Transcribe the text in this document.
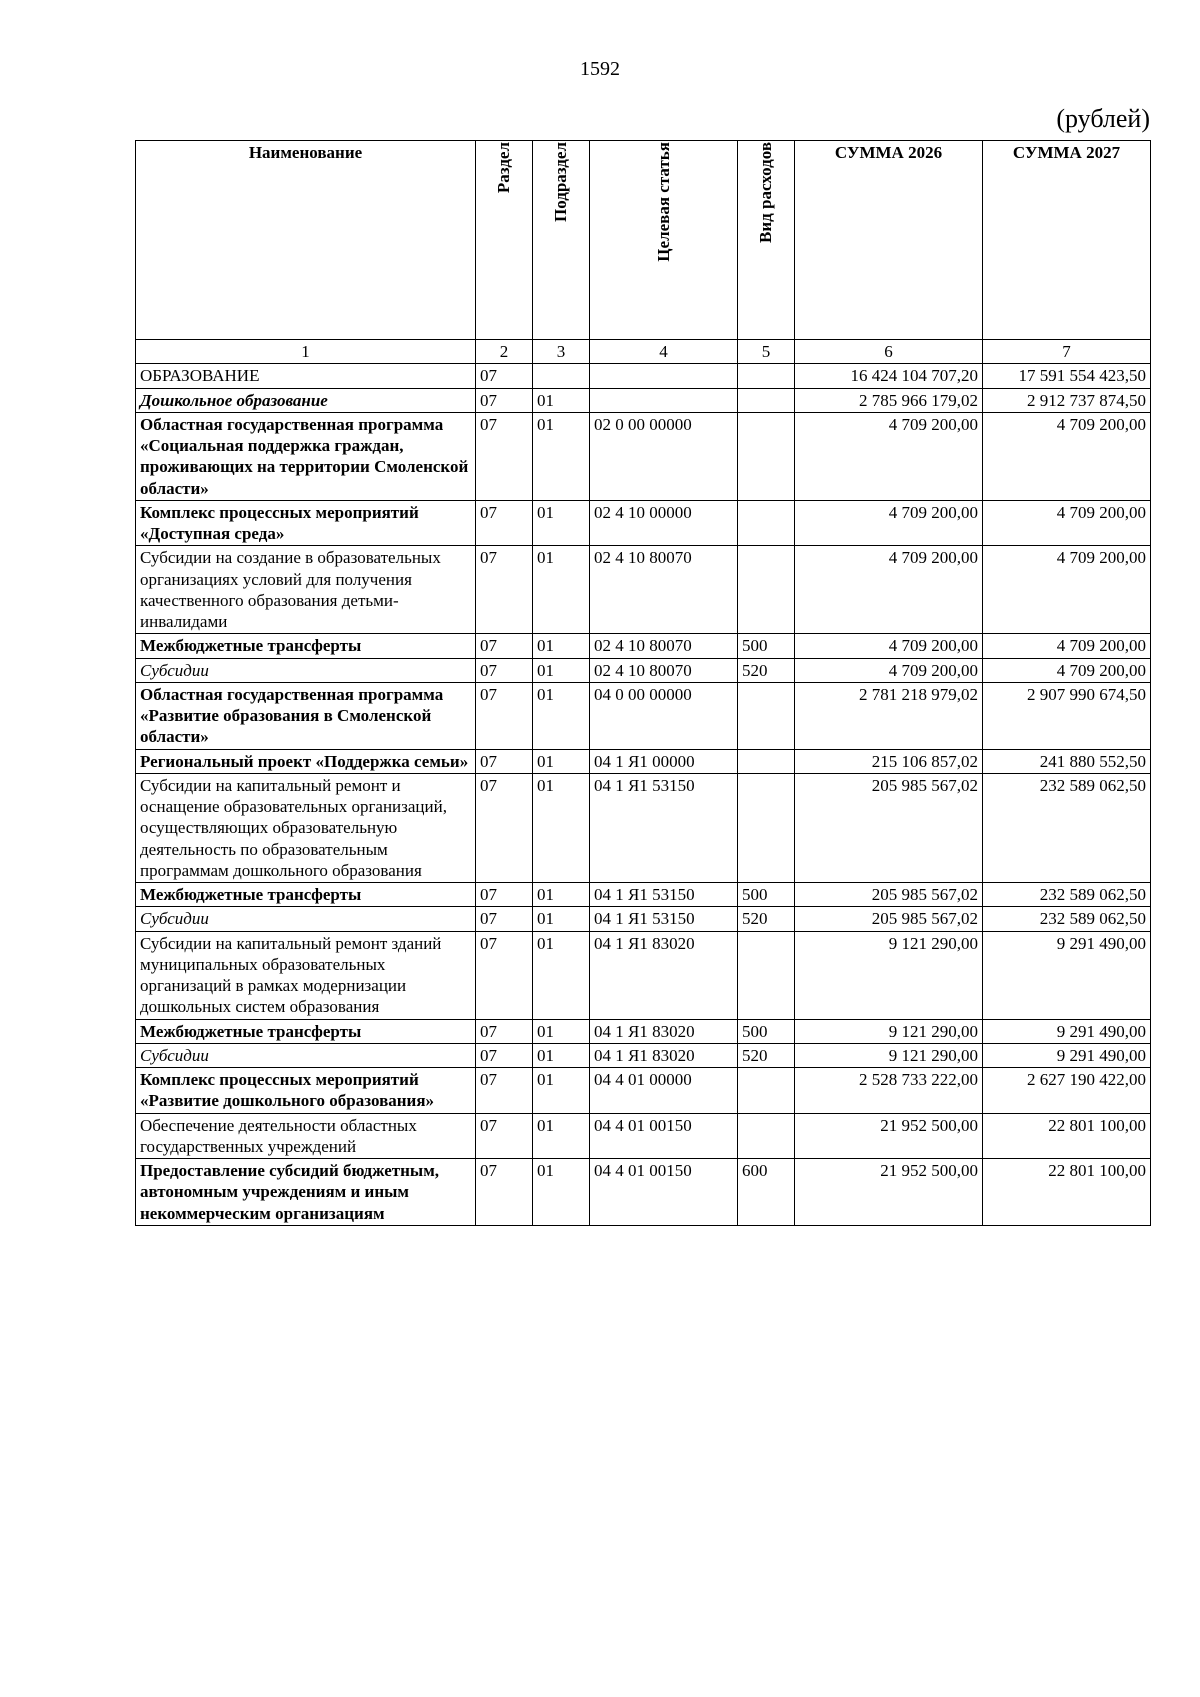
1592
(рублей)
Наименование	Раздел	Подраздел	Целевая статья	Вид расходов	СУММА 2026	СУММА 2027
1	2	3	4	5	6	7
ОБРАЗОВАНИЕ	07				16 424 104 707,20	17 591 554 423,50
Дошкольное образование	07	01			2 785 966 179,02	2 912 737 874,50
Областная государственная программа «Социальная поддержка граждан, проживающих на территории Смоленской области»	07	01	02 0 00 00000		4 709 200,00	4 709 200,00
Комплекс процессных мероприятий «Доступная среда»	07	01	02 4 10 00000		4 709 200,00	4 709 200,00
Субсидии на создание в образовательных организациях условий для получения качественного образования детьми-инвалидами	07	01	02 4 10 80070		4 709 200,00	4 709 200,00
Межбюджетные трансферты	07	01	02 4 10 80070	500	4 709 200,00	4 709 200,00
Субсидии	07	01	02 4 10 80070	520	4 709 200,00	4 709 200,00
Областная государственная программа «Развитие образования в Смоленской области»	07	01	04 0 00 00000		2 781 218 979,02	2 907 990 674,50
Региональный проект «Поддержка семьи»	07	01	04 1 Я1 00000		215 106 857,02	241 880 552,50
Субсидии на капитальный ремонт и оснащение образовательных организаций, осуществляющих образовательную деятельность по образовательным программам дошкольного образования	07	01	04 1 Я1 53150		205 985 567,02	232 589 062,50
Межбюджетные трансферты	07	01	04 1 Я1 53150	500	205 985 567,02	232 589 062,50
Субсидии	07	01	04 1 Я1 53150	520	205 985 567,02	232 589 062,50
Субсидии на капитальный ремонт зданий муниципальных образовательных организаций в рамках модернизации дошкольных систем образования	07	01	04 1 Я1 83020		9 121 290,00	9 291 490,00
Межбюджетные трансферты	07	01	04 1 Я1 83020	500	9 121 290,00	9 291 490,00
Субсидии	07	01	04 1 Я1 83020	520	9 121 290,00	9 291 490,00
Комплекс процессных мероприятий «Развитие дошкольного образования»	07	01	04 4 01 00000		2 528 733 222,00	2 627 190 422,00
Обеспечение деятельности областных государственных учреждений	07	01	04 4 01 00150		21 952 500,00	22 801 100,00
Предоставление субсидий бюджетным, автономным учреждениям и иным некоммерческим организациям	07	01	04 4 01 00150	600	21 952 500,00	22 801 100,00
